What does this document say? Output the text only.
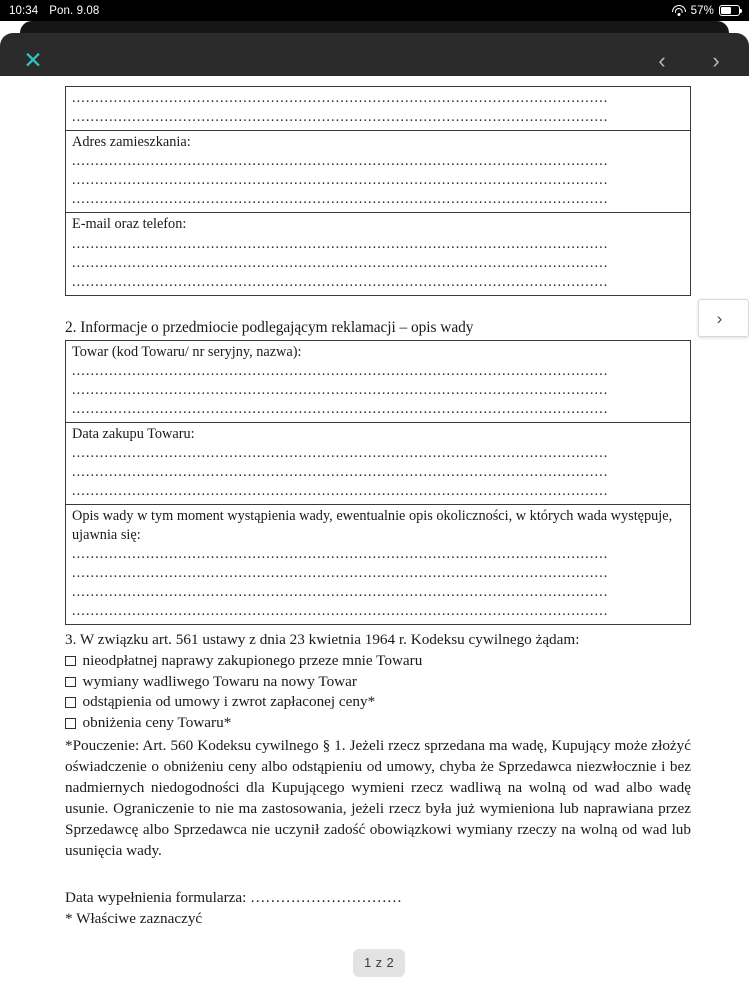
10:34 Pon. 9.08	57%
✕	‹	›
....................................................................................................................
....................................................................................................................

Adres zamieszkania:
....................................................................................................................
....................................................................................................................
....................................................................................................................

E-mail oraz telefon:
....................................................................................................................
....................................................................................................................
....................................................................................................................
2. Informacje o przedmiocie podlegającym reklamacji – opis wady
Towar (kod Towaru/ nr seryjny, nazwa):
....................................................................................................................
....................................................................................................................
....................................................................................................................

Data zakupu Towaru:
....................................................................................................................
....................................................................................................................
....................................................................................................................

Opis wady w tym moment wystąpienia wady, ewentualnie opis okoliczności, w których wada występuje, ujawnia się:
....................................................................................................................
....................................................................................................................
....................................................................................................................
....................................................................................................................
3. W związku art. 561 ustawy z dnia 23 kwietnia 1964 r. Kodeksu cywilnego żądam:
nieodpłatnej naprawy zakupionego przeze mnie Towaru
wymiany wadliwego Towaru na nowy Towar
odstąpienia od umowy i zwrot zapłaconej ceny*
obniżenia ceny Towaru*

*Pouczenie: Art. 560 Kodeksu cywilnego § 1. Jeżeli rzecz sprzedana ma wadę, Kupujący może złożyć oświadczenie o obniżeniu ceny albo odstąpieniu od umowy, chyba że Sprzedawca niezwłocznie i bez nadmiernych niedogodności dla Kupującego wymieni rzecz wadliwą na wolną od wad albo wadę usunie. Ograniczenie to nie ma zastosowania, jeżeli rzecz była już wymieniona lub naprawiana przez Sprzedawcę albo Sprzedawca nie uczynił zadość obowiązkowi wymiany rzeczy na wolną od wad lub usunięcia wady.

Data wypełnienia formularza: …………………………
* Właściwe zaznaczyć
›
1 z 2
